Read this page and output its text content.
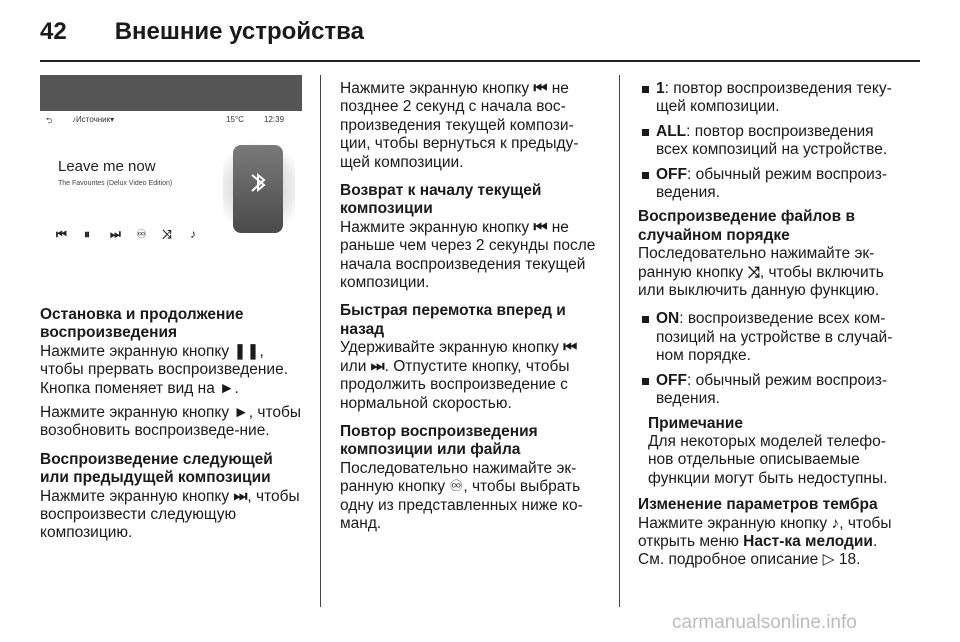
42 Внешние устройства
⮌ ♪Источник▾	15°C	12:39
Leave me now
The Favourites (Delux Video Edition)
⏮ ⏸ ⏭ ♾ ⤨ ♪
Остановка и продолжение воспроизведения

Нажмите экранную кнопку ❚❚, чтобы прервать воспроизведение. Кнопка поменяет вид на ►.

Нажмите экранную кнопку ►, чтобы возобновить воспроизведе‐ние.

Воспроизведение следующей или предыдущей композиции

Нажмите экранную кнопку ⏭, чтобы воспроизвести следующую композицию.

Нажмите экранную кнопку ⏮ не позднее 2 секунд с начала вос‐произведения текущей компози‐ции, чтобы вернуться к предыду‐щей композиции.

Возврат к началу текущей композиции

Нажмите экранную кнопку ⏮ не раньше чем через 2 секунды после начала воспроизведения текущей композиции.

Быстрая перемотка вперед и назад

Удерживайте экранную кнопку ⏮ или ⏭. Отпустите кнопку, чтобы продолжить воспроизведение с нормальной скоростью.

Повтор воспроизведения композиции или файла

Последовательно нажимайте эк‐ранную кнопку ♾, чтобы выбрать одну из представленных ниже ко‐манд.

1: повтор воспроизведения теку‐щей композиции.
ALL: повтор воспроизведения всех композиций на устройстве.
OFF: обычный режим воспроиз‐ведения.
Воспроизведение файлов в случайном порядке

Последовательно нажимайте эк‐ранную кнопку ⤨, чтобы включить или выключить данную функцию.

ON: воспроизведение всех ком‐позиций на устройстве в случай‐ном порядке.
OFF: обычный режим воспроиз‐ведения.
Примечание

Для некоторых моделей телефо‐нов отдельные описываемые функции могут быть недоступны.

Изменение параметров тембра

Нажмите экранную кнопку ♪, чтобы открыть меню Наст-ка мелодии.

См. подробное описание ▷ 18.

carmanualsonline.info
